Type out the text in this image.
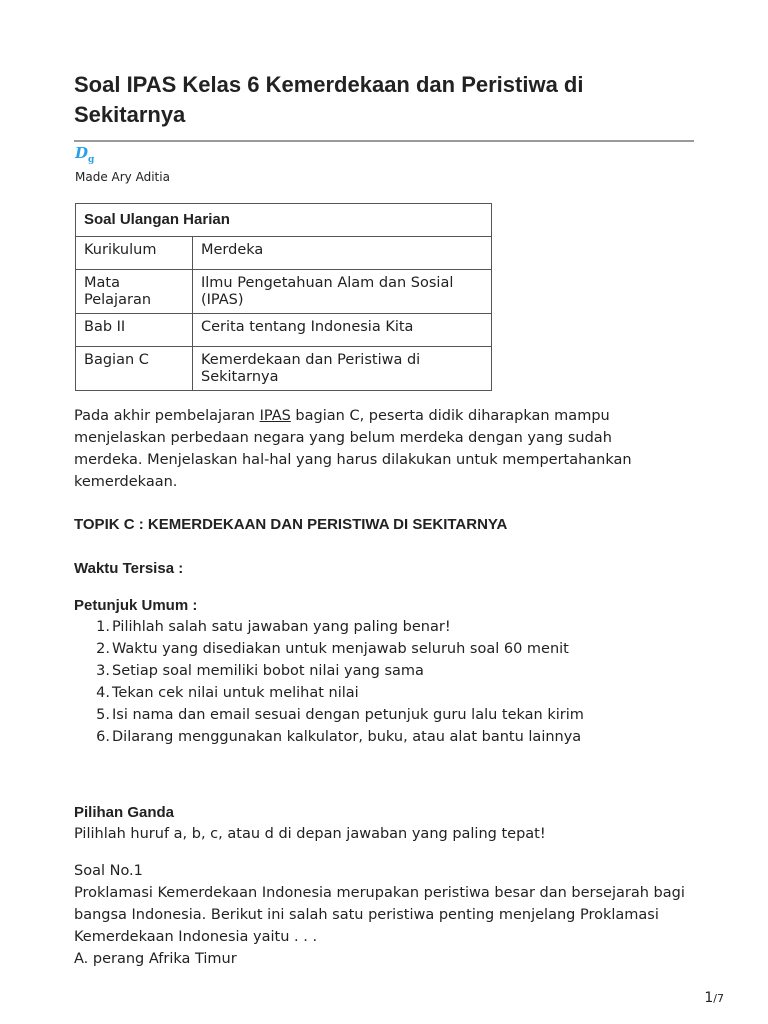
Soal IPAS Kelas 6 Kemerdekaan dan Peristiwa di Sekitarnya
$D_g$
Made Ary Aditia
Soal Ulangan Harian	
Kurikulum	Merdeka
Mata Pelajaran	Ilmu Pengetahuan Alam dan Sosial (IPAS)
Bab II	Cerita tentang Indonesia Kita
Bagian C	Kemerdekaan dan Peristiwa di Sekitarnya

Pada akhir pembelajaran IPAS bagian C, peserta didik diharapkan mampu menjelaskan perbedaan negara yang belum merdeka dengan yang sudah merdeka. Menjelaskan hal-hal yang harus dilakukan untuk mempertahankan kemerdekaan.

TOPIK C : KEMERDEKAAN DAN PERISTIWA DI SEKITARNYA
Waktu Tersisa :
Petunjuk Umum :
1. Pilihlah salah satu jawaban yang paling benar!
2. Waktu yang disediakan untuk menjawab seluruh soal 60 menit
3. Setiap soal memiliki bobot nilai yang sama
4. Tekan cek nilai untuk melihat nilai
5. Isi nama dan email sesuai dengan petunjuk guru lalu tekan kirim
6. Dilarang menggunakan kalkulator, buku, atau alat bantu lainnya
Pilihan Ganda
Pilihlah huruf a, b, c, atau d di depan jawaban yang paling tepat!
Soal No.1
Proklamasi Kemerdekaan Indonesia merupakan peristiwa besar dan bersejarah bagi bangsa Indonesia. Berikut ini salah satu peristiwa penting menjelang Proklamasi Kemerdekaan Indonesia yaitu . . .
A. perang Afrika Timur
1/7
